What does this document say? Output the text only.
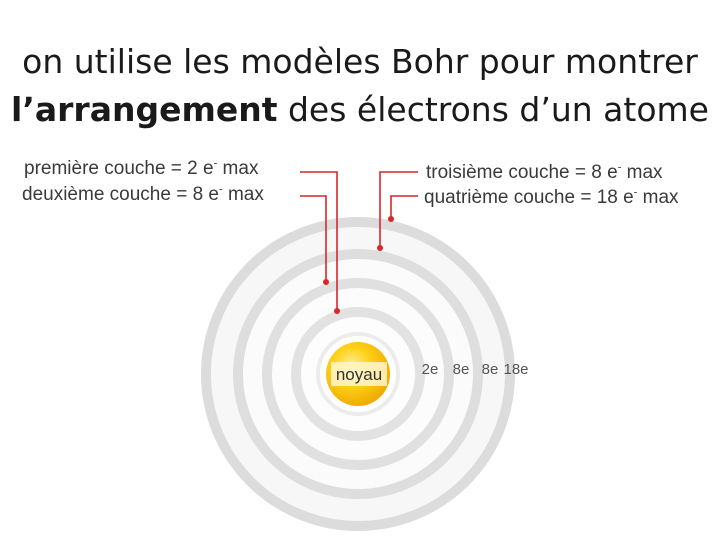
on utilise les modèles Bohr pour montrer
l’arrangement des électrons d’un atome
noyau	2e 8e 8e 18e
première couche = 2 e- max
deuxième couche = 8 e- max
troisième couche = 8 e- max
quatrième couche = 18 e- max
